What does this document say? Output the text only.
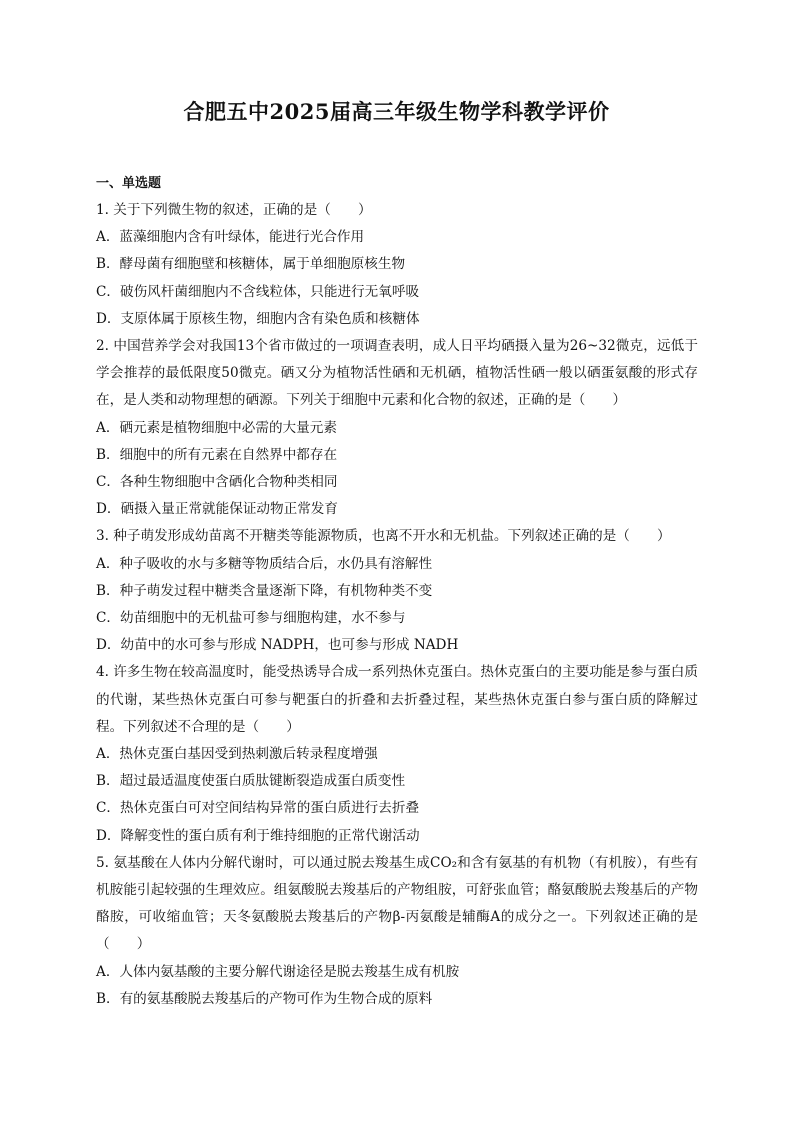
合肥五中2025届高三年级生物学科教学评价
一、单选题
1. 关于下列微生物的叙述，正确的是（　　）
A．蓝藻细胞内含有叶绿体，能进行光合作用
B．酵母菌有细胞壁和核糖体，属于单细胞原核生物
C．破伤风杆菌细胞内不含线粒体，只能进行无氧呼吸
D．支原体属于原核生物，细胞内含有染色质和核糖体
2. 中国营养学会对我国13个省市做过的一项调查表明，成人日平均硒摄入量为26~32微克，远低于学会推荐的最低限度50微克。硒又分为植物活性硒和无机硒，植物活性硒一般以硒蛋氨酸的形式存在，是人类和动物理想的硒源。下列关于细胞中元素和化合物的叙述，正确的是（　　）
A．硒元素是植物细胞中必需的大量元素
B．细胞中的所有元素在自然界中都存在
C．各种生物细胞中含硒化合物种类相同
D．硒摄入量正常就能保证动物正常发育
3. 种子萌发形成幼苗离不开糖类等能源物质，也离不开水和无机盐。下列叙述正确的是（　　）
A．种子吸收的水与多糖等物质结合后，水仍具有溶解性
B．种子萌发过程中糖类含量逐渐下降，有机物种类不变
C．幼苗细胞中的无机盐可参与细胞构建，水不参与
D．幼苗中的水可参与形成 NADPH，也可参与形成 NADH
4. 许多生物在较高温度时，能受热诱导合成一系列热休克蛋白。热休克蛋白的主要功能是参与蛋白质的代谢，某些热休克蛋白可参与靶蛋白的折叠和去折叠过程，某些热休克蛋白参与蛋白质的降解过程。下列叙述不合理的是（　　）
A．热休克蛋白基因受到热刺激后转录程度增强
B．超过最适温度使蛋白质肽键断裂造成蛋白质变性
C．热休克蛋白可对空间结构异常的蛋白质进行去折叠
D．降解变性的蛋白质有利于维持细胞的正常代谢活动
5. 氨基酸在人体内分解代谢时，可以通过脱去羧基生成CO₂和含有氨基的有机物（有机胺），有些有机胺能引起较强的生理效应。组氨酸脱去羧基后的产物组胺，可舒张血管；酪氨酸脱去羧基后的产物酪胺，可收缩血管；天冬氨酸脱去羧基后的产物β-丙氨酸是辅酶A的成分之一。下列叙述正确的是（　　）
A．人体内氨基酸的主要分解代谢途径是脱去羧基生成有机胺
B．有的氨基酸脱去羧基后的产物可作为生物合成的原料
